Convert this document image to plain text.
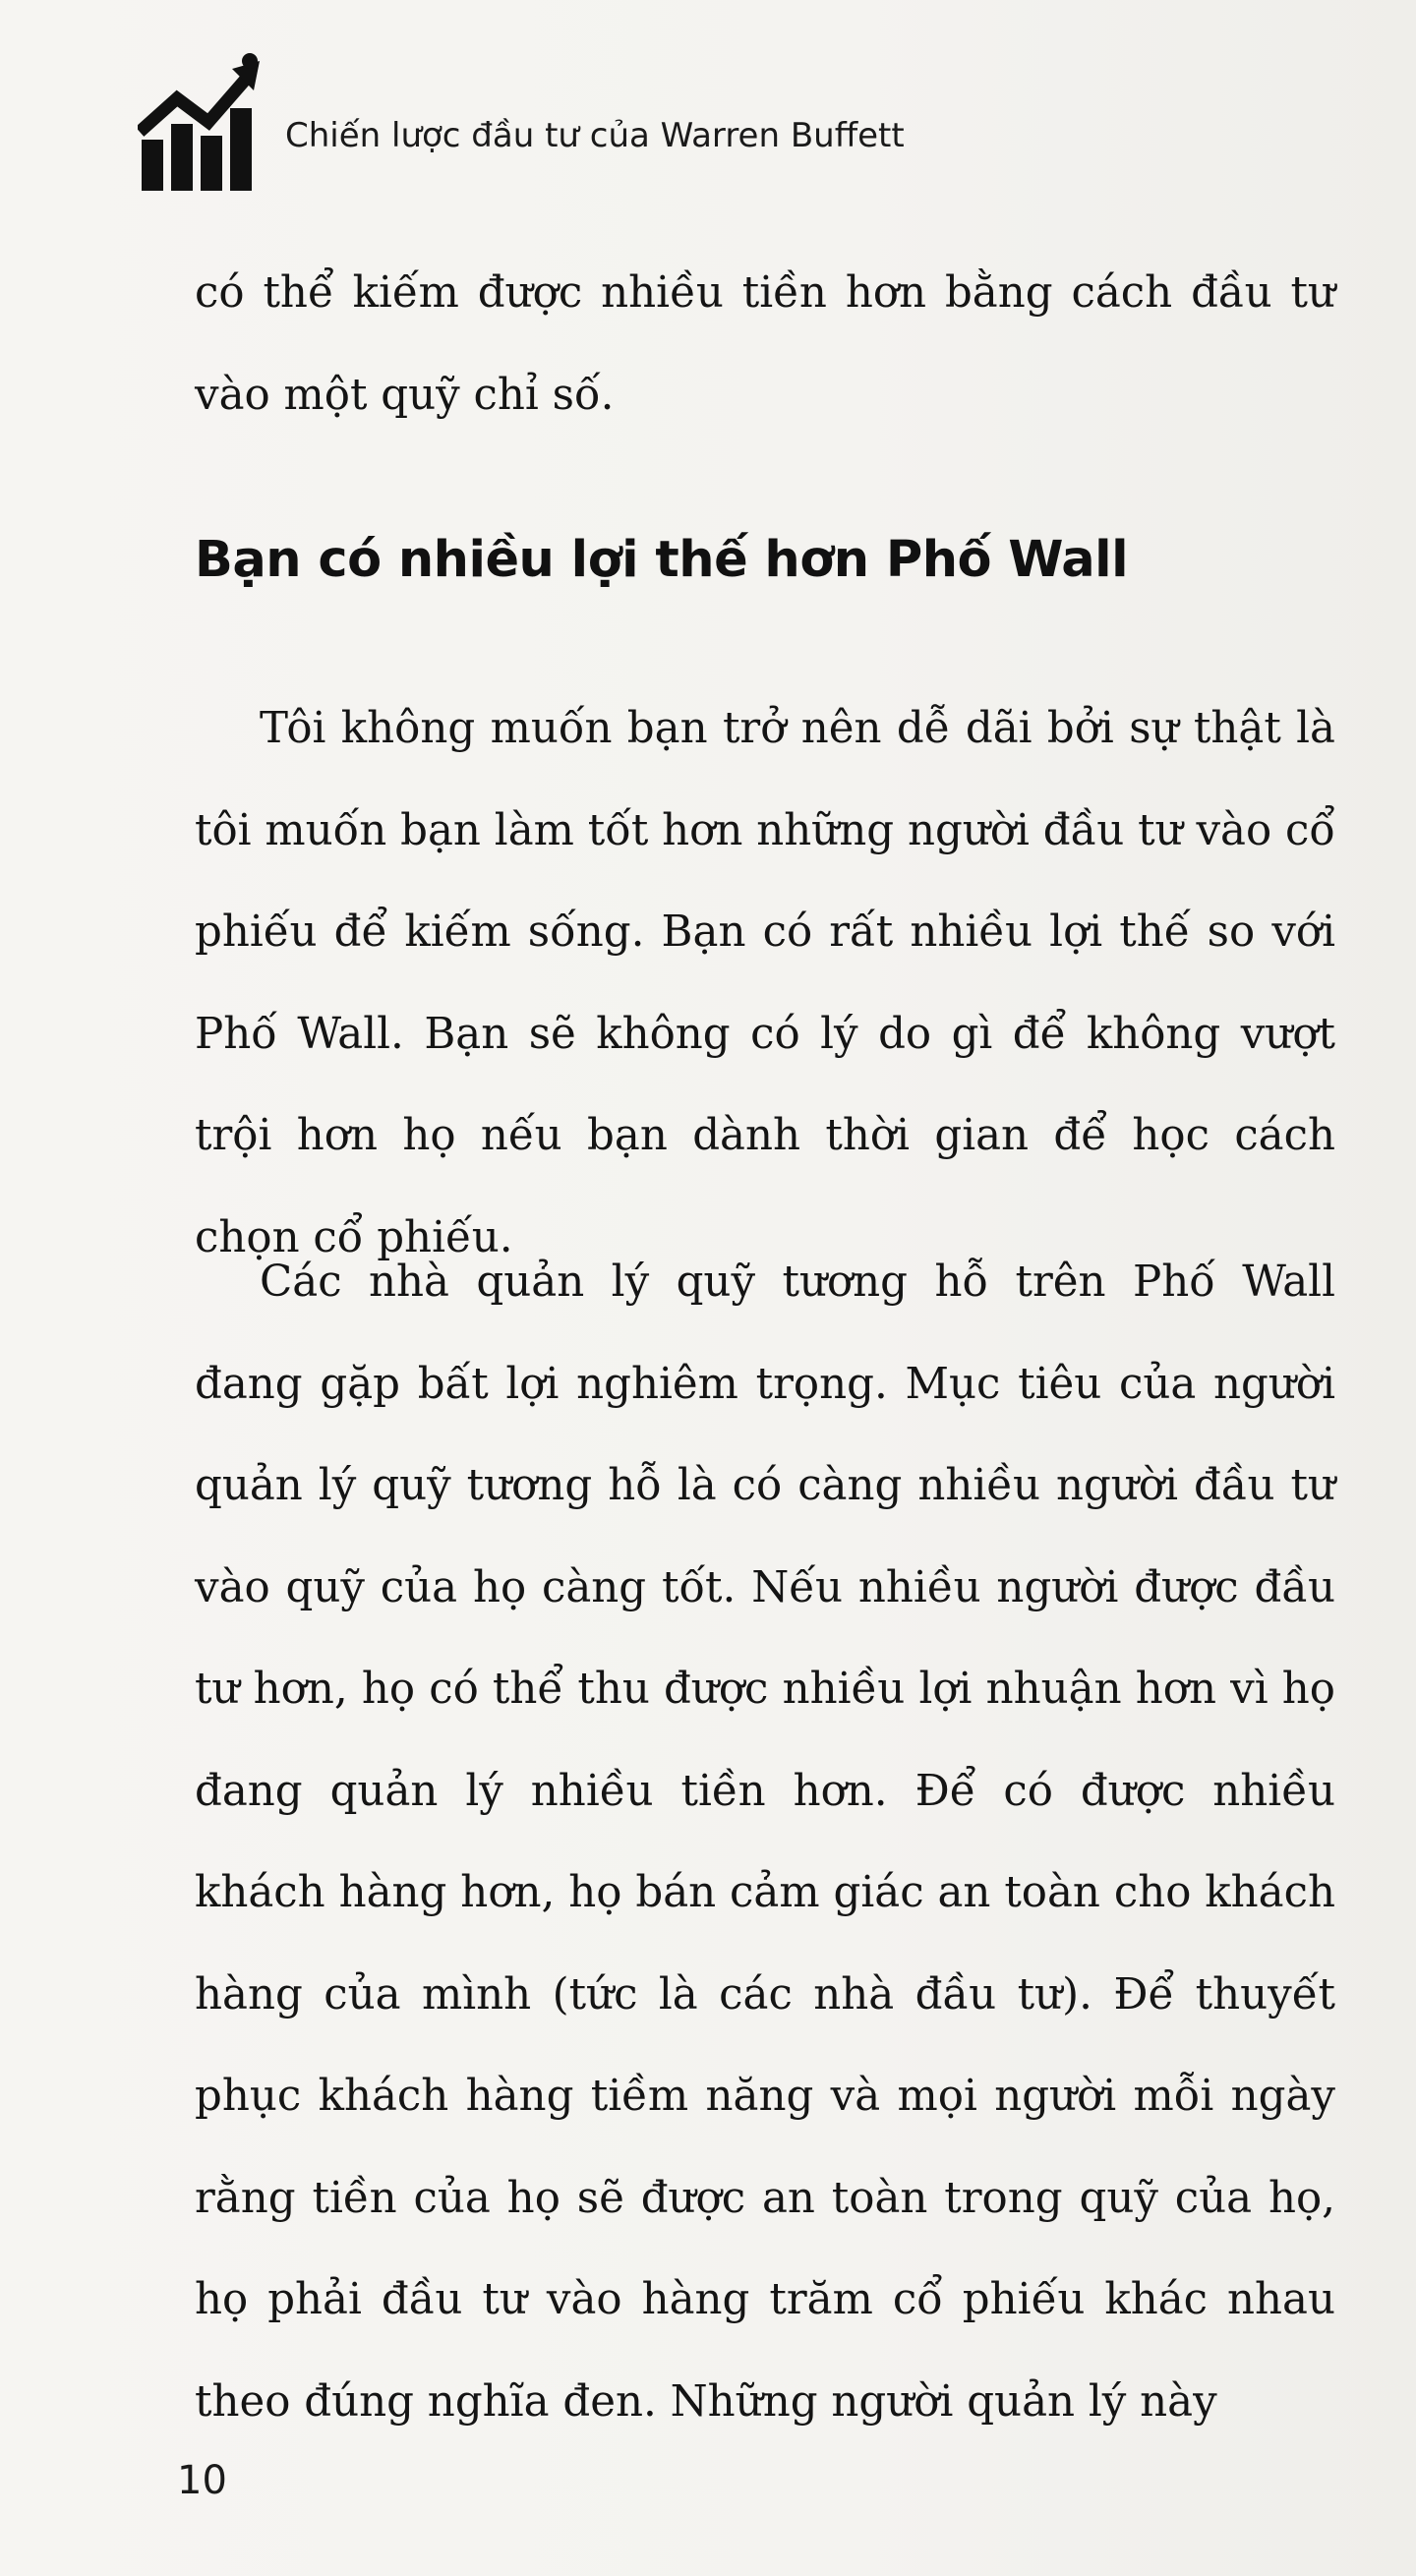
Chiến lược đầu tư của Warren Buffett

có thể kiếm được nhiều tiền hơn bằng cách đầu tư vào một quỹ chỉ số.

Bạn có nhiều lợi thế hơn Phố Wall

Tôi không muốn bạn trở nên dễ dãi bởi sự thật là tôi muốn bạn làm tốt hơn những người đầu tư vào cổ phiếu để kiếm sống. Bạn có rất nhiều lợi thế so với Phố Wall. Bạn sẽ không có lý do gì để không vượt trội hơn họ nếu bạn dành thời gian để học cách chọn cổ phiếu.

Các nhà quản lý quỹ tương hỗ trên Phố Wall đang gặp bất lợi nghiêm trọng. Mục tiêu của người quản lý quỹ tương hỗ là có càng nhiều người đầu tư vào quỹ của họ càng tốt. Nếu nhiều người được đầu tư hơn, họ có thể thu được nhiều lợi nhuận hơn vì họ đang quản lý nhiều tiền hơn. Để có được nhiều khách hàng hơn, họ bán cảm giác an toàn cho khách hàng của mình (tức là các nhà đầu tư). Để thuyết phục khách hàng tiềm năng và mọi người mỗi ngày rằng tiền của họ sẽ được an toàn trong quỹ của họ, họ phải đầu tư vào hàng trăm cổ phiếu khác nhau theo đúng nghĩa đen. Những người quản lý này

10
